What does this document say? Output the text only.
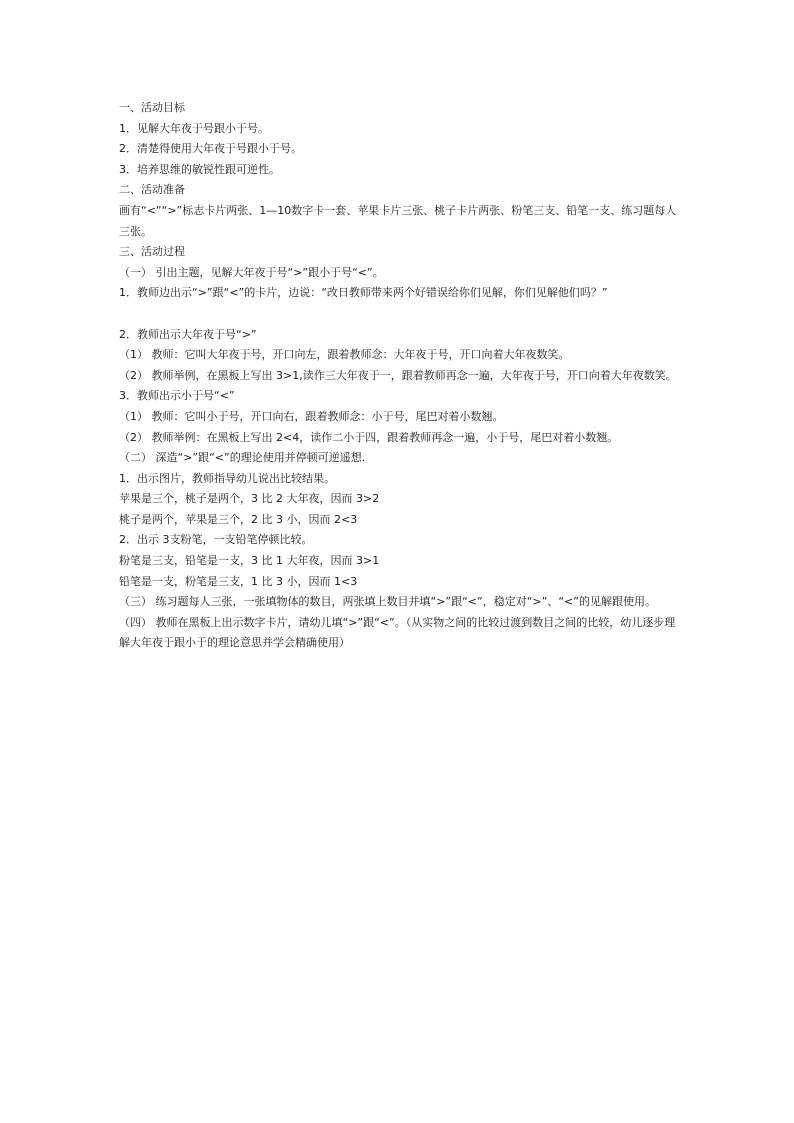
一、活动目标
1．见解大年夜于号跟小于号。
2．清楚得使用大年夜于号跟小于号。
3．培养思维的敏锐性跟可逆性。
二、活动准备
画有“<”“>”标志卡片两张、1—10数字卡一套、苹果卡片三张、桃子卡片两张、粉笔三支、铅笔一支、练习题每人三张。
三、活动过程
（一） 引出主题，见解大年夜于号“>”跟小于号“<”。
1．教师边出示“>”跟“<”的卡片，边说：“改日教师带来两个好错误给你们见解，你们见解他们吗？”
2．教师出示大年夜于号“>”
（1） 教师：它叫大年夜于号，开口向左，跟着教师念：大年夜于号，开口向着大年夜数笑。
（2） 教师举例，在黑板上写出 3>1,读作三大年夜于一，跟着教师再念一遍，大年夜于号，开口向着大年夜数笑。
3．教师出示小于号“<”
（1） 教师：它叫小于号，开口向右，跟着教师念：小于号，尾巴对着小数翘。
（2） 教师举例：在黑板上写出 2<4，读作二小于四，跟着教师再念一遍，小于号，尾巴对着小数翘。
（二） 深造“>”跟“<”的理论使用并停顿可逆遥想.
1．出示图片，教师指导幼儿说出比较结果。
苹果是三个，桃子是两个，3 比 2 大年夜，因而 3>2
桃子是两个，苹果是三个，2 比 3 小，因而 2<3
2．出示 3支粉笔，一支铅笔停顿比较。
粉笔是三支，铅笔是一支，3 比 1 大年夜，因而 3>1
铅笔是一支，粉笔是三支，1 比 3 小，因而 1<3
（三） 练习题每人三张，一张填物体的数目，两张填上数目并填“>”跟“<”，稳定对“>”、“<”的见解跟使用。
（四） 教师在黑板上出示数字卡片，请幼儿填“>”跟“<”。（从实物之间的比较过渡到数目之间的比较，幼儿逐步理解大年夜于跟小于的理论意思并学会精确使用）
